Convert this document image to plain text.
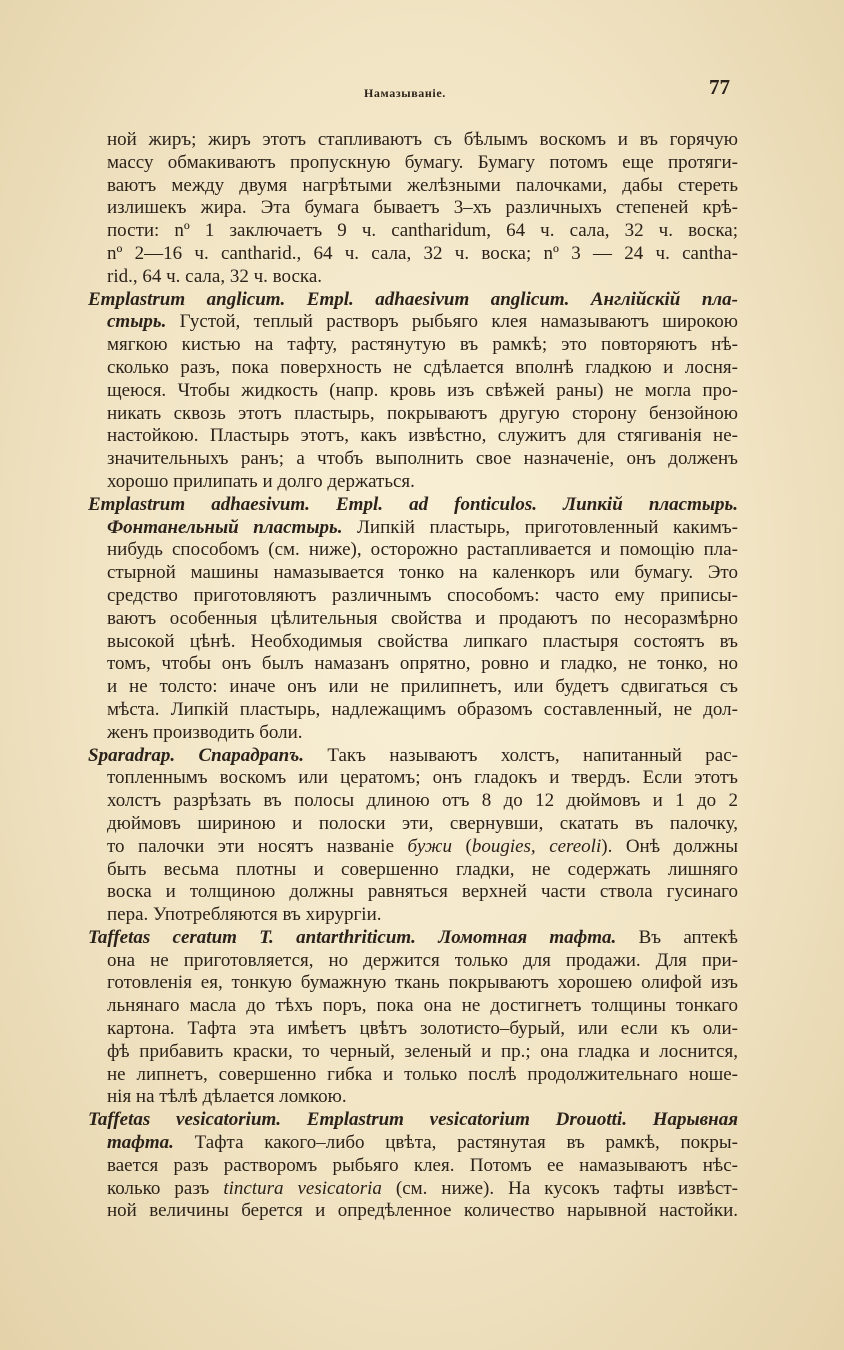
Намазываніе.	77
ной жиръ; жиръ этотъ стапливаютъ съ бѣлымъ воскомъ и въ горячую
массу обмакиваютъ пропускную бумагу. Бумагу потомъ еще протяги-
ваютъ между двумя нагрѣтыми желѣзными палочками, дабы стереть
излишекъ жира. Эта бумага бываетъ 3–хъ различныхъ степеней крѣ-
пости: nº 1 заключаетъ 9 ч. cantharidum, 64 ч. сала, 32 ч. воска;
nº 2—16 ч. cantharid., 64 ч. сала, 32 ч. воска; nº 3 — 24 ч. cantha-
rid., 64 ч. сала, 32 ч. воска.
Emplastrum anglicum. Empl. adhaesivum anglicum. Англійскій пла-
стырь. Густой, теплый растворъ рыбьяго клея намазываютъ широкою
мягкою кистью на тафту, растянутую въ рамкѣ; это повторяютъ нѣ-
сколько разъ, пока поверхность не сдѣлается вполнѣ гладкою и лосня-
щеюся. Чтобы жидкость (напр. кровь изъ свѣжей раны) не могла про-
никать сквозь этотъ пластырь, покрываютъ другую сторону бензойною
настойкою. Пластырь этотъ, какъ извѣстно, служитъ для стягиванія не-
значительныхъ ранъ; а чтобъ выполнить свое назначеніе, онъ долженъ
хорошо прилипать и долго держаться.
Emplastrum adhaesivum. Empl. ad fonticulos. Липкій пластырь.
Фонтанельный пластырь. Липкій пластырь, приготовленный какимъ-
нибудь способомъ (см. ниже), осторожно растапливается и помощію пла-
стырной машины намазывается тонко на каленкоръ или бумагу. Это
средство приготовляютъ различнымъ способомъ: часто ему приписы-
ваютъ особенныя цѣлительныя свойства и продаютъ по несоразмѣрно
высокой цѣнѣ. Необходимыя свойства липкаго пластыря состоятъ въ
томъ, чтобы онъ былъ намазанъ опрятно, ровно и гладко, не тонко, но
и не толсто: иначе онъ или не прилипнетъ, или будетъ сдвигаться съ
мѣста. Липкій пластырь, надлежащимъ образомъ составленный, не дол-
женъ производить боли.
Sparadrap. Спарадрапъ. Такъ называютъ холстъ, напитанный рас-
топленнымъ воскомъ или цератомъ; онъ гладокъ и твердъ. Если этотъ
холстъ разрѣзать въ полосы длиною отъ 8 до 12 дюймовъ и 1 до 2
дюймовъ шириною и полоски эти, свернувши, скатать въ палочку,
то палочки эти носятъ названіе бужи (bougies, cereoli). Онѣ должны
быть весьма плотны и совершенно гладки, не содержать лишняго
воска и толщиною должны равняться верхней части ствола гусинаго
пера. Употребляются въ хирургіи.
Taffetas ceratum T. antarthriticum. Ломотная тафта. Въ аптекѣ
она не приготовляется, но держится только для продажи. Для при-
готовленія ея, тонкую бумажную ткань покрываютъ хорошею олифой изъ
льнянаго масла до тѣхъ поръ, пока она не достигнетъ толщины тонкаго
картона. Тафта эта имѣетъ цвѣтъ золотисто–бурый, или если къ оли-
фѣ прибавить краски, то черный, зеленый и пр.; она гладка и лоснится,
не липнетъ, совершенно гибка и только послѣ продолжительнаго ноше-
нія на тѣлѣ дѣлается ломкою.
Taffetas vesicatorium. Emplastrum vesicatorium Drouotti. Нарывная
тафта. Тафта какого–либо цвѣта, растянутая въ рамкѣ, покры-
вается разъ растворомъ рыбьяго клея. Потомъ ее намазываютъ нѣс-
колько разъ tinctura vesicatoria (см. ниже). На кусокъ тафты извѣст-
ной величины берется и опредѣленное количество нарывной настойки.
